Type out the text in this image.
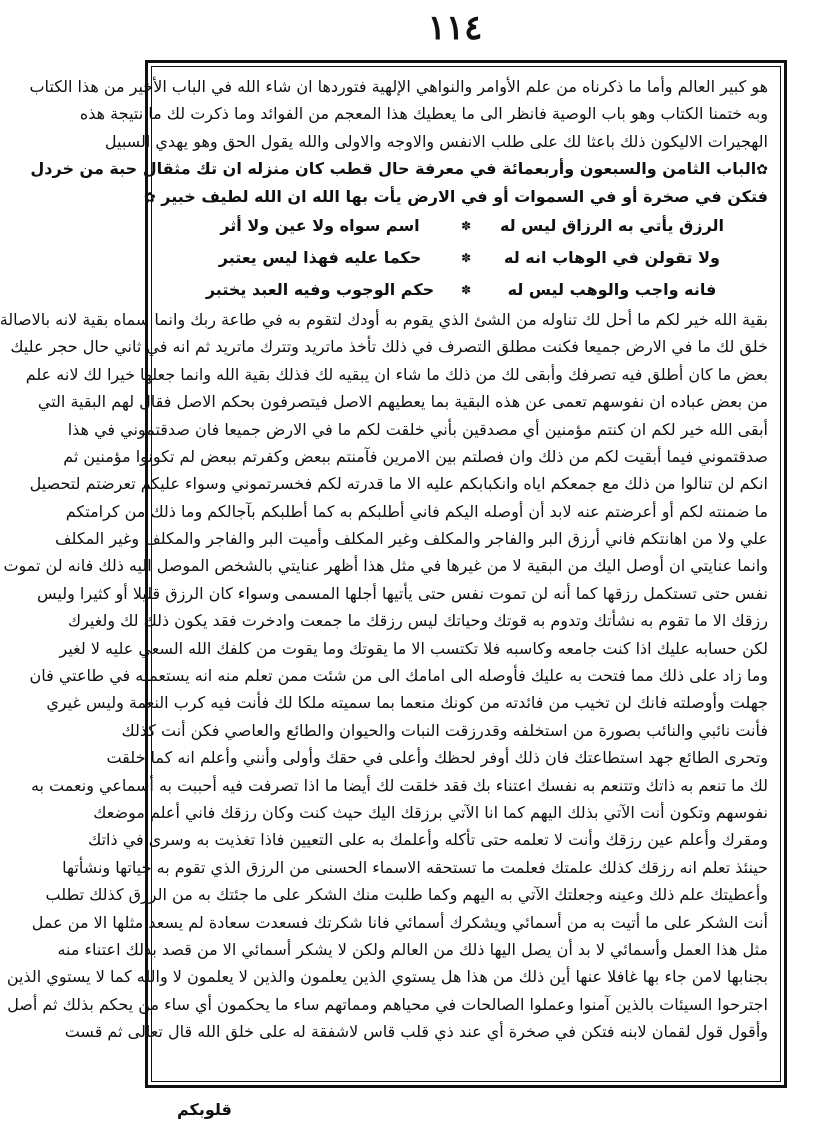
١١٤
هو كبير العالم وأما ما ذكرناه من علم الأوامر والنواهي الإلهية فتوردها ان شاء الله في الباب الأخير من هذا الكتاب
وبه ختمنا الكتاب وهو باب الوصية فانظر الى ما يعطيك هذا المعجم من الفوائد وما ذكرت لك ما نتيجة هذه
الهجيرات الاليكون ذلك باعثا لك على طلب الانفس والاوجه والاولى والله يقول الحق وهو يهدي السبيل
✿الباب الثامن والسبعون وأربعمائة في معرفة حال قطب كان منزله ان تك مثقال حبة من خردل
فتكن في صخرة أو في السموات أو في الارض يأت بها الله ان الله لطيف خبير ✿
الرزق يأتي به الرزاق ليس له
✽
اسم سواه ولا عين ولا أثر
ولا تقولن في الوهاب انه له
✽
حكما عليه فهذا ليس يعتبر
فانه واجب والوهب ليس له
✽
حكم الوجوب وفيه العبد يختبر
بقية الله خير لكم ما أحل لك تناوله من الشئ الذي يقوم به أودك لتقوم به في طاعة ربك وانما سماه بقية لانه بالاصالة
خلق لك ما في الارض جميعا فكنت مطلق التصرف في ذلك تأخذ ماتريد وتترك ماتريد ثم انه في ثاني حال حجر عليك
بعض ما كان أطلق فيه تصرفك وأبقى لك من ذلك ما شاء ان يبقيه لك فذلك بقية الله وانما جعلها خيرا لك لانه علم
من بعض عباده ان نفوسهم تعمى عن هذه البقية بما يعطيهم الاصل فيتصرفون بحكم الاصل فقال لهم البقية التي
أبقى الله خير لكم ان كنتم مؤمنين أي مصدقين بأني خلقت لكم ما في الارض جميعا فان صدقتموني في هذا
صدقتموني فيما أبقيت لكم من ذلك وان فصلتم بين الامرين فآمنتم ببعض وكفرتم ببعض لم تكونوا مؤمنين ثم
انكم لن تنالوا من ذلك مع جمعكم اياه وانكبابكم عليه الا ما قدرته لكم فخسرتموني وسواء عليكم تعرضتم لتحصيل
ما ضمنته لكم أو أعرضتم عنه لابد أن أوصله اليكم فاني أطلبكم به كما أطلبكم بآجالكم وما ذلك من كرامتكم
علي ولا من اهانتكم فاني أرزق البر والفاجر والمكلف وغير المكلف وأميت البر والفاجر والمكلف وغير المكلف
وانما عنايتي ان أوصل اليك من البقية لا من غيرها في مثل هذا أظهر عنايتي بالشخص الموصل اليه ذلك فانه لن تموت
نفس حتى تستكمل رزقها كما أنه لن تموت نفس حتى يأتيها أجلها المسمى وسواء كان الرزق قليلا أو كثيرا وليس
رزقك الا ما تقوم به نشأتك وتدوم به قوتك وحياتك ليس رزقك ما جمعت وادخرت فقد يكون ذلك لك ولغيرك
لكن حسابه عليك اذا كنت جامعه وكاسبه فلا تكتسب الا ما يقوتك وما يقوت من كلفك الله السعي عليه لا لغير
وما زاد على ذلك مما فتحت به عليك فأوصله الى امامك الى من شئت ممن تعلم منه انه يستعمله في طاعتي فان
جهلت وأوصلته فانك لن تخيب من فائدته من كونك منعما بما سميته ملكا لك فأنت فيه كرب النعمة وليس غيري
فأنت نائبي والنائب بصورة من استخلفه وقدرزقت النبات والحيوان والطائع والعاصي فكن أنت كذلك
وتحرى الطائع جهد استطاعتك فان ذلك أوفر لحظك وأعلى في حقك وأولى وأنني وأعلم انه كما خلقت
لك ما تنعم به ذاتك وتتنعم به نفسك اعتناء بك فقد خلقت لك أيضا ما اذا تصرفت فيه أحببت به أسماعي ونعمت به
نفوسهم وتكون أنت الآتي بذلك اليهم كما انا الآتي برزقك اليك حيث كنت وكان رزقك فاني أعلم موضعك
ومقرك وأعلم عين رزقك وأنت لا تعلمه حتى تأكله وأعلمك به على التعيين فاذا تغذيت به وسرى في ذاتك
حينئذ تعلم انه رزقك كذلك علمتك فعلمت ما تستحقه الاسماء الحسنى من الرزق الذي تقوم به حياتها ونشأتها
وأعطيتك علم ذلك وعينه وجعلتك الآتي به اليهم وكما طلبت منك الشكر على ما جئتك به من الرزق كذلك تطلب
أنت الشكر على ما أتيت به من أسمائي ويشكرك أسمائي فانا شكرتك فسعدت سعادة لم يسعد مثلها الا من عمل
مثل هذا العمل وأسمائي لا بد أن يصل اليها ذلك من العالم ولكن لا يشكر أسمائي الا من قصد بذلك اعتناء منه
بجنابها لامن جاء بها غافلا عنها أين ذلك من هذا هل يستوي الذين يعلمون والذين لا يعلمون لا والله كما لا يستوي الذين
اجترحوا السيئات بالذين آمنوا وعملوا الصالحات في محياهم ومماتهم ساء ما يحكمون أي ساء من يحكم بذلك ثم أصل
وأقول قول لقمان لابنه فتكن في صخرة أي عند ذي قلب قاس لاشفقة له على خلق الله قال تعالى ثم قست
قلوبكم
